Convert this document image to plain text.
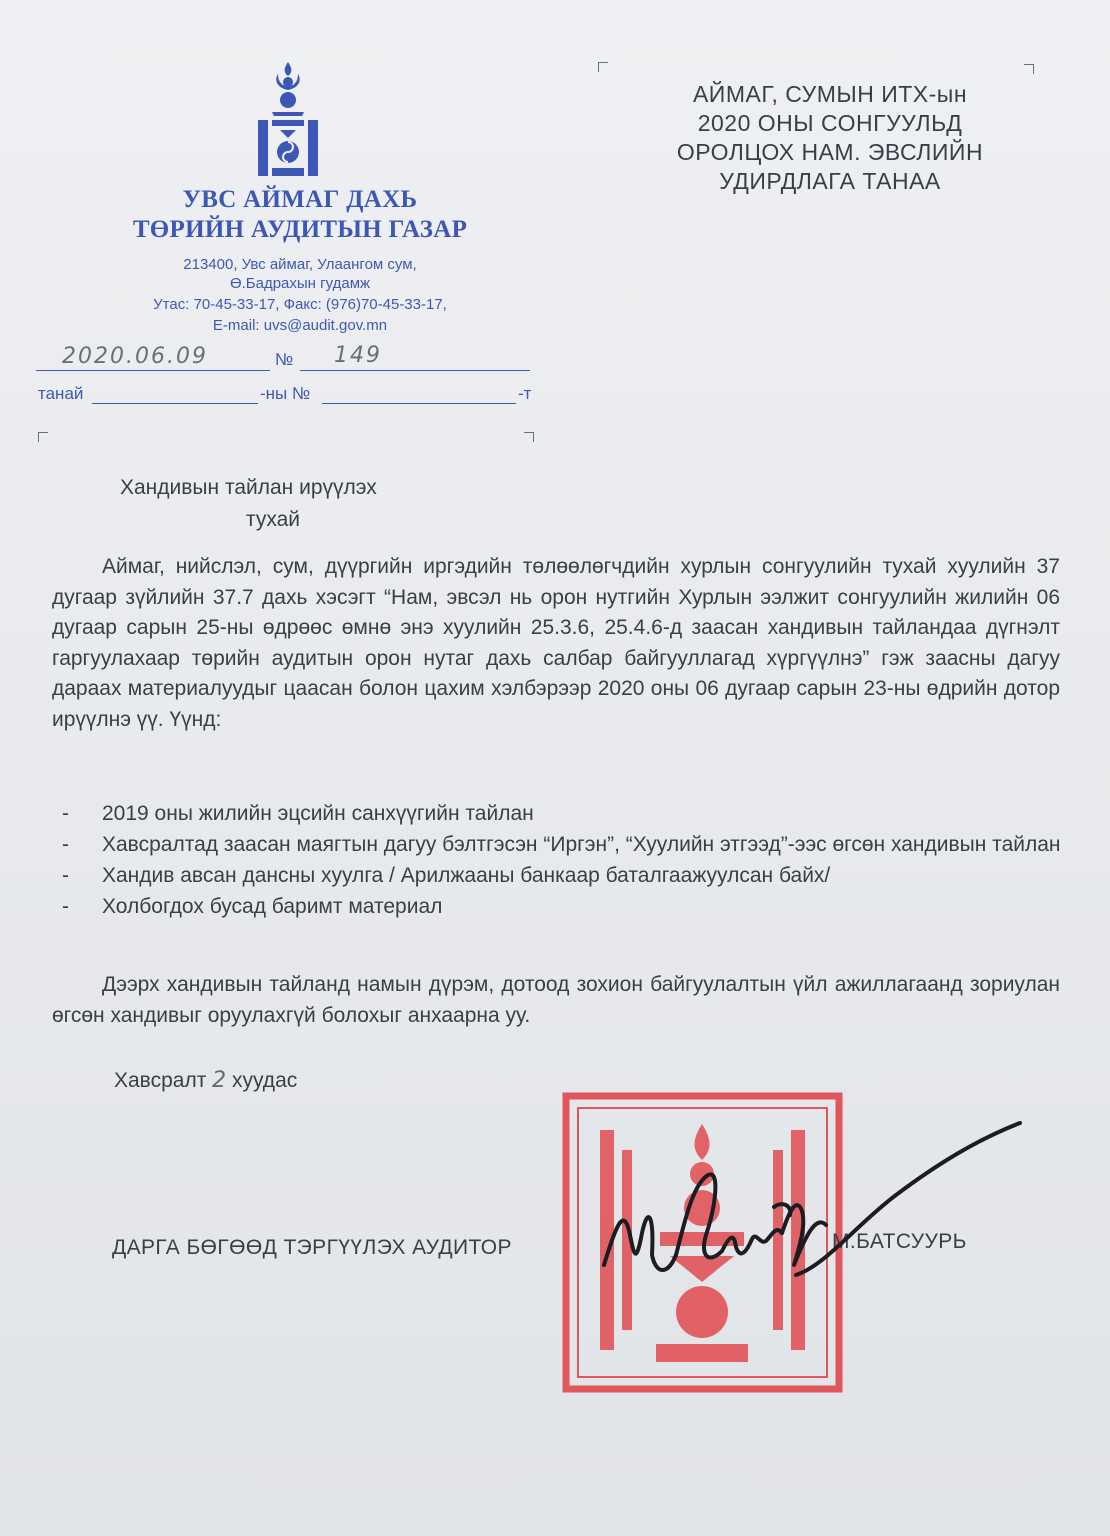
УВС АЙМАГ ДАХЬ
ТӨРИЙН АУДИТЫН ГАЗАР
213400, Увс аймаг, Улаангом сум,
Ө.Бадрахын гудамж
Утас: 70-45-33-17, Факс: (976)70-45-33-17,
E-mail: uvs@audit.gov.mn
2020.06.09	№ 149
танай	-ны №	-т
АЙМАГ, СУМЫН ИТХ-ын
2020 ОНЫ СОНГУУЛЬД
ОРОЛЦОХ НАМ. ЭВСЛИЙН
УДИРДЛАГА ТАНАА
Хандивын тайлан ирүүлэх
тухай
Аймаг, нийслэл, сум, дүүргийн иргэдийн төлөөлөгчдийн хурлын сонгуулийн тухай хуулийн 37 дугаар зүйлийн 37.7 дахь хэсэгт “Нам, эвсэл нь орон нутгийн Хурлын ээлжит сонгуулийн жилийн 06 дугаар сарын 25-ны өдрөөс өмнө энэ хуулийн 25.3.6, 25.4.6-д заасан хандивын тайландаа дүгнэлт гаргуулахаар төрийн аудитын орон нутаг дахь салбар байгууллагад хүргүүлнэ” гэж заасны дагуу дараах материалуудыг цаасан болон цахим хэлбэрээр 2020 оны 06 дугаар сарын 23-ны өдрийн дотор ирүүлнэ үү. Үүнд:
- 2019 оны жилийн эцсийн санхүүгийн тайлан
- Хавсралтад заасан маягтын дагуу бэлтгэсэн “Иргэн”, “Хуулийн этгээд”-ээс өгсөн хандивын тайлан
- Хандив авсан дансны хуулга / Арилжааны банкаар баталгаажуулсан байх/
- Холбогдох бусад баримт материал
Дээрх хандивын тайланд намын дүрэм, дотоод зохион байгуулалтын үйл ажиллагаанд зориулан өгсөн хандивыг оруулахгүй болохыг анхаарна уу.
Хавсралт 2 хуудас
ДАРГА БӨГӨӨД ТЭРГҮҮЛЭХ АУДИТОР	М.БАТСУУРЬ
